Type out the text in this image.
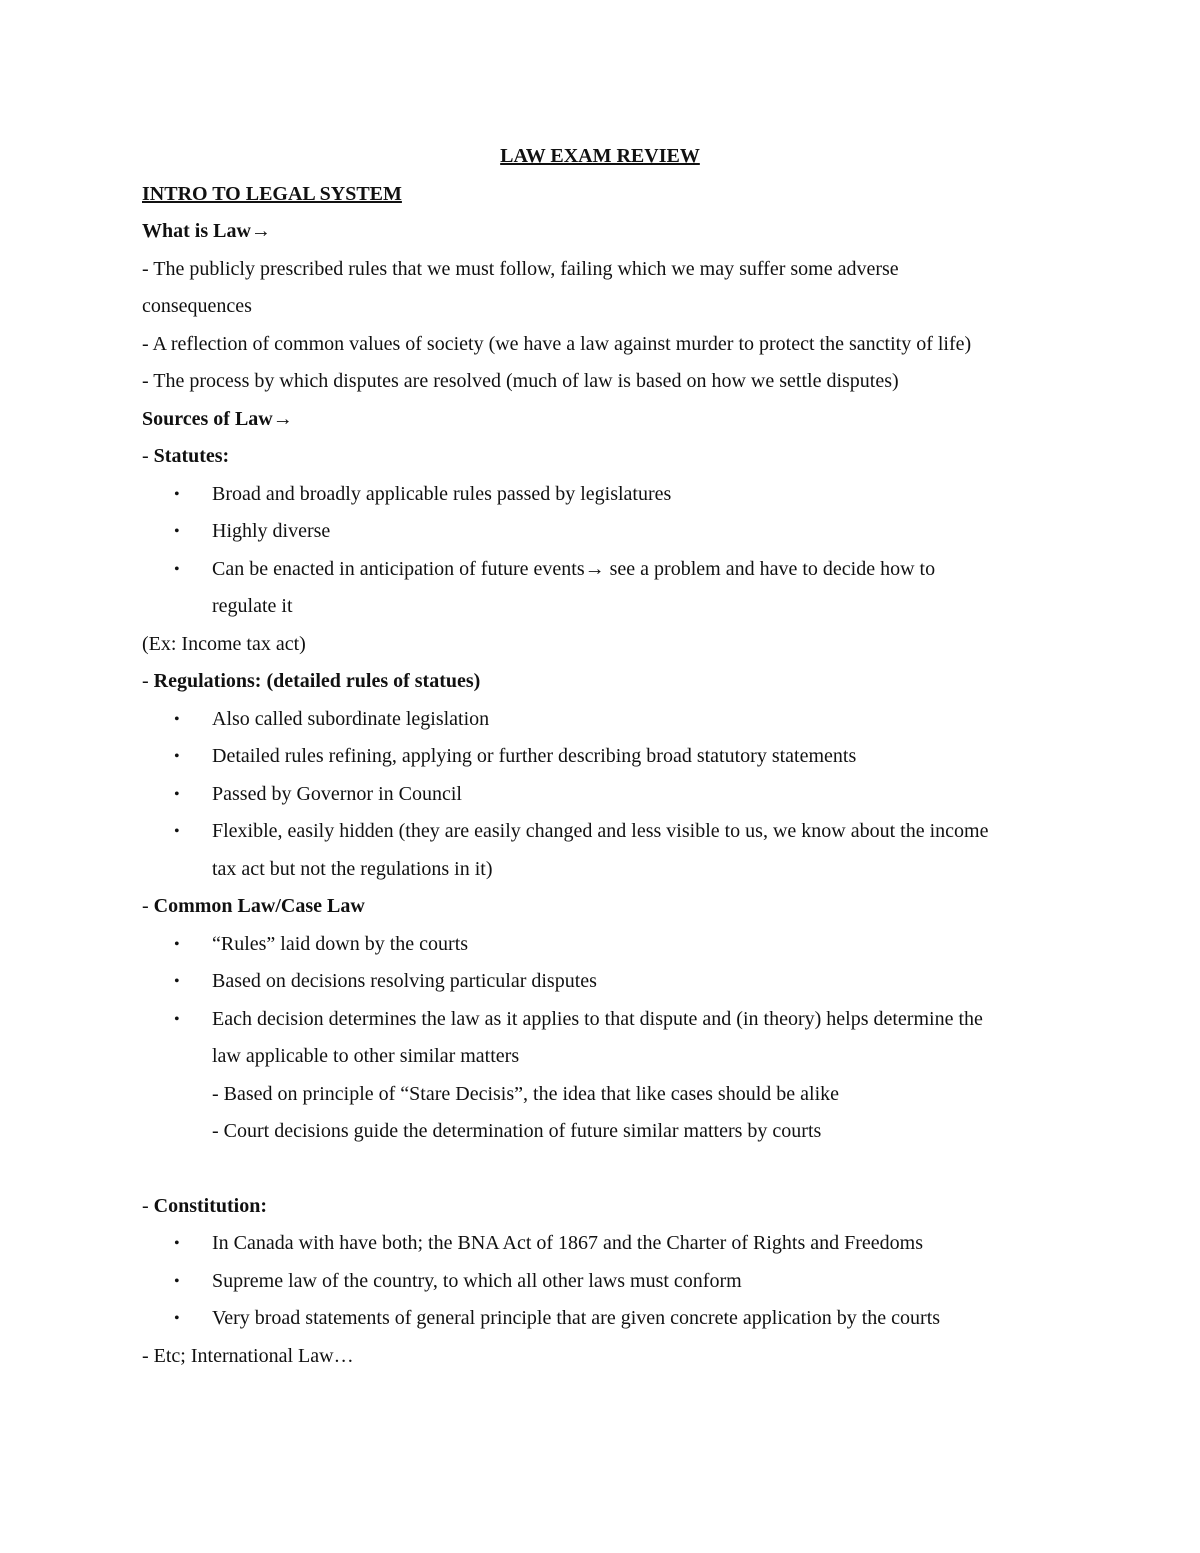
LAW EXAM REVIEW
INTRO TO LEGAL SYSTEM
What is Law→
- The publicly prescribed rules that we must follow, failing which we may suffer some adverse
consequences
- A reflection of common values of society (we have a law against murder to protect the sanctity of life)
- The process by which disputes are resolved (much of law is based on how we settle disputes)
Sources of Law→
- Statutes:
• Broad and broadly applicable rules passed by legislatures
• Highly diverse
• Can be enacted in anticipation of future events→ see a problem and have to decide how to
regulate it
(Ex: Income tax act)
- Regulations: (detailed rules of statues)
• Also called subordinate legislation
• Detailed rules refining, applying or further describing broad statutory statements
• Passed by Governor in Council
• Flexible, easily hidden (they are easily changed and less visible to us, we know about the income
tax act but not the regulations in it)
- Common Law/Case Law
• “Rules” laid down by the courts
• Based on decisions resolving particular disputes
• Each decision determines the law as it applies to that dispute and (in theory) helps determine the
law applicable to other similar matters
- Based on principle of “Stare Decisis”, the idea that like cases should be alike
- Court decisions guide the determination of future similar matters by courts
- Constitution:
• In Canada with have both; the BNA Act of 1867 and the Charter of Rights and Freedoms
• Supreme law of the country, to which all other laws must conform
• Very broad statements of general principle that are given concrete application by the courts
- Etc; International Law…
